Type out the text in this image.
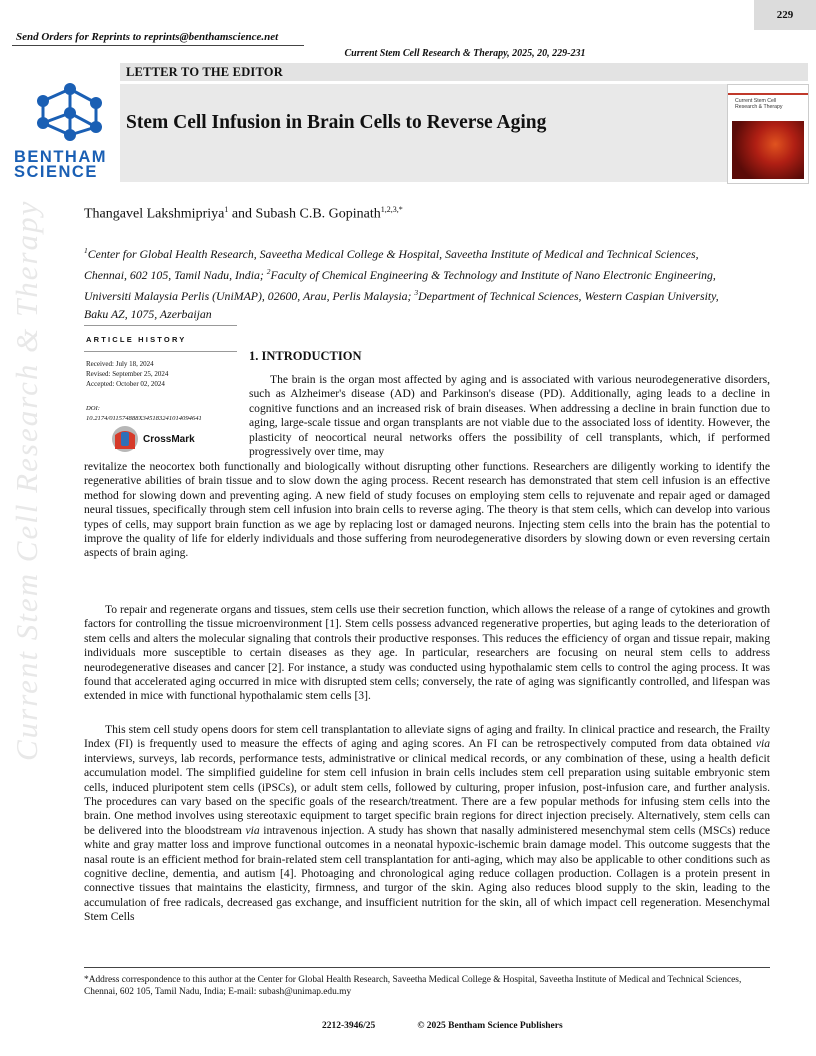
229
Send Orders for Reprints to reprints@benthamscience.net
Current Stem Cell Research & Therapy, 2025, 20, 229-231
LETTER TO THE EDITOR
Stem Cell Infusion in Brain Cells to Reverse Aging
Current Stem Cell
Research & Therapy
BENTHAM
SCIENCE
Thangavel Lakshmipriya$^1$ and Subash C.B. Gopinath$^{1,2,3,*}$
$^1$Center for Global Health Research, Saveetha Medical College & Hospital, Saveetha Institute of Medical and Technical Sciences, Chennai, 602 105, Tamil Nadu, India; $^2$Faculty of Chemical Engineering & Technology and Institute of Nano Electronic Engineering, Universiti Malaysia Perlis (UniMAP), 02600, Arau, Perlis Malaysia; $^3$Department of Technical Sciences, Western Caspian University, Baku AZ, 1075, Azerbaijan
ARTICLE HISTORY
Received: July 18, 2024
Revised: September 25, 2024
Accepted: October 02, 2024
DOI:
10.2174/011574888X345183241014094641
CrossMark
Current Stem Cell Research & Therapy	1. INTRODUCTION
The brain is the organ most affected by aging and is associated with various neurodegenerative disorders, such as Alzheimer's disease (AD) and Parkinson's disease (PD). Additionally, aging leads to a decline in cognitive functions and an increased risk of brain diseases. When addressing a decline in brain function due to aging, large-scale tissue and organ transplants are not viable due to the associated loss of identity. However, the plasticity of neocortical neural networks offers the possibility of cell transplants, which, if performed progressively over time, may
revitalize the neocortex both functionally and biologically without disrupting other functions. Researchers are diligently working to identify the regenerative abilities of brain tissue and to slow down the aging process. Recent research has demonstrated that stem cell infusion is an effective method for slowing down and preventing aging. A new field of study focuses on employing stem cells to rejuvenate and repair aged or damaged neural tissues, specifically through stem cell infusion into brain cells to reverse aging. The theory is that stem cells, which can develop into various types of cells, may support brain function as we age by replacing lost or damaged neurons. Injecting stem cells into the brain has the potential to improve the quality of life for elderly individuals and those suffering from neurodegenerative disorders by slowing down or even reversing certain aspects of brain aging.
To repair and regenerate organs and tissues, stem cells use their secretion function, which allows the release of a range of cytokines and growth factors for controlling the tissue microenvironment [1]. Stem cells possess advanced regenerative properties, but aging leads to the deterioration of stem cells and alters the molecular signaling that controls their productive responses. This reduces the efficiency of organ and tissue repair, making individuals more susceptible to certain diseases as they age. In particular, researchers are focusing on neural stem cells to address neurodegenerative diseases and cancer [2]. For instance, a study was conducted using hypothalamic stem cells to control the aging process. It was found that accelerated aging occurred in mice with disrupted stem cells; conversely, the rate of aging was significantly controlled, and lifespan was extended in mice with functional hypothalamic stem cells [3].
This stem cell study opens doors for stem cell transplantation to alleviate signs of aging and frailty. In clinical practice and research, the Frailty Index (FI) is frequently used to measure the effects of aging and aging scores. An FI can be retrospectively computed from data obtained via interviews, surveys, lab records, performance tests, administrative or clinical medical records, or any combination of these, using a health deficit accumulation model. The simplified guideline for stem cell infusion in brain cells includes stem cell preparation using suitable embryonic stem cells, induced pluripotent stem cells (iPSCs), or adult stem cells, followed by culturing, proper infusion, post-infusion care, and further analysis. The procedures can vary based on the specific goals of the research/treatment. There are a few popular methods for infusing stem cells into the brain. One method involves using stereotaxic equipment to target specific brain regions for direct injection precisely. Alternatively, stem cells can be delivered into the bloodstream via intravenous injection. A study has shown that nasally administered mesenchymal stem cells (MSCs) reduce white and gray matter loss and improve functional outcomes in a neonatal hypoxic-ischemic brain damage model. This outcome suggests that the nasal route is an efficient method for brain-related stem cell transplantation for anti-aging, which may also be applicable to other conditions such as cognitive decline, dementia, and autism [4]. Photoaging and chronological aging reduce collagen production. Collagen is a protein present in connective tissues that maintains the elasticity, firmness, and turgor of the skin. Aging also reduces blood supply to the skin, leading to the accumulation of free radicals, decreased gas exchange, and insufficient nutrition for the skin, all of which impact cell regeneration. Mesenchymal Stem Cells
*Address correspondence to this author at the Center for Global Health Research, Saveetha Medical College & Hospital, Saveetha Institute of Medical and Technical Sciences, Chennai, 602 105, Tamil Nadu, India; E-mail: subash@unimap.edu.my
2212-3946/25	© 2025 Bentham Science Publishers
